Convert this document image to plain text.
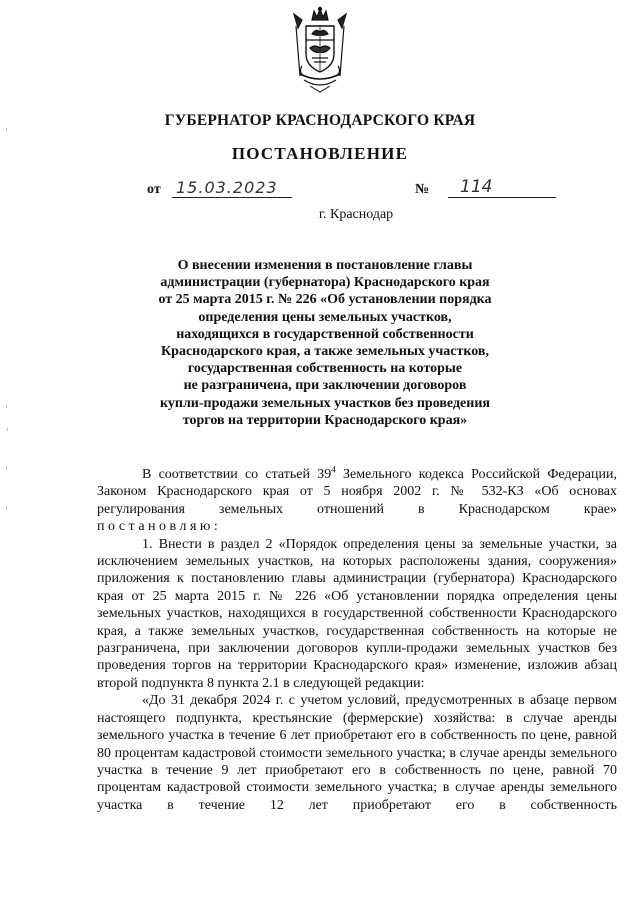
ГУБЕРНАТОР КРАСНОДАРСКОГО КРАЯ
ПОСТАНОВЛЕНИЕ
от 15.03.2023	№ 114
г. Краснодар
О внесении изменения в постановление главы
администрации (губернатора) Краснодарского края
от 25 марта 2015 г. № 226 «Об установлении порядка
определения цены земельных участков,
находящихся в государственной собственности
Краснодарского края, а также земельных участков,
государственная собственность на которые
не разграничена, при заключении договоров
купли-продажи земельных участков без проведения
торгов на территории Краснодарского края»

В соответствии со статьей $39^4$ Земельного кодекса Российской Федерации, Законом Краснодарского края от 5 ноября 2002 г. № 532-КЗ «Об основах регулирования земельных отношений в Краснодарском крае»

постановляю:

1. Внести в раздел 2 «Порядок определения цены за земельные участки, за исключением земельных участков, на которых расположены здания, сооружения» приложения к постановлению главы администрации (губернатора) Краснодарского края от 25 марта 2015 г. № 226 «Об установлении порядка определения цены земельных участков, находящихся в государственной собственности Краснодарского края, а также земельных участков, государственная собственность на которые не разграничена, при заключении договоров купли-продажи земельных участков без проведения торгов на территории Краснодарского края» изменение, изложив абзац второй подпункта 8 пункта 2.1 в следующей редакции:

«До 31 декабря 2024 г. с учетом условий, предусмотренных в абзаце первом настоящего подпункта, крестьянские (фермерские) хозяйства: в случае аренды земельного участка в течение 6 лет приобретают его в собственность по цене, равной 80 процентам кадастровой стоимости земельного участка; в случае аренды земельного участка в течение 9 лет приобретают его в собственность по цене, равной 70 процентам кадастровой стоимости земельного участка; в случае аренды земельного участка в течение 12 лет приобретают его в собственность
